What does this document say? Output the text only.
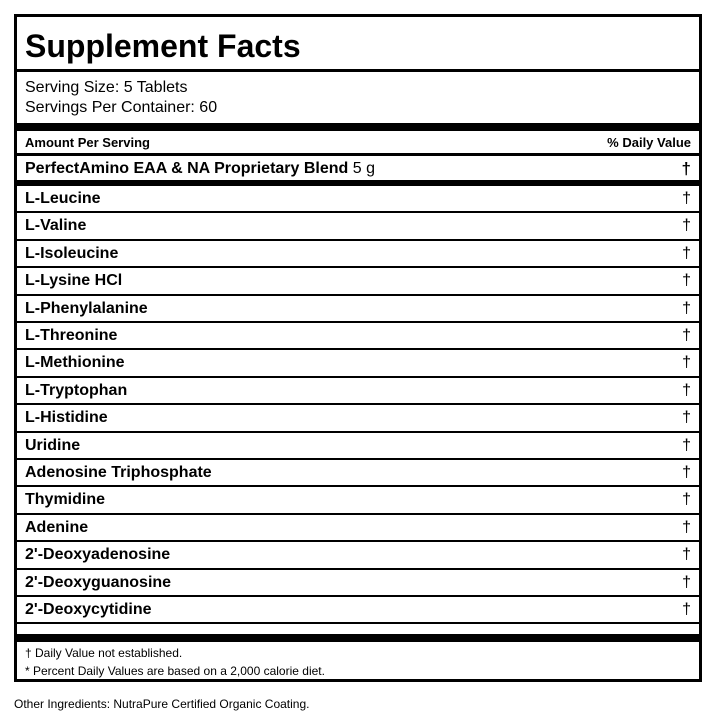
Supplement Facts
Serving Size: 5 Tablets
Servings Per Container: 60
Amount Per Serving	% Daily Value
PerfectAmino EAA & NA Proprietary Blend 5 g	†
L-Leucine	†
L-Valine	†
L-Isoleucine	†
L-Lysine HCl	†
L-Phenylalanine	†
L-Threonine	†
L-Methionine	†
L-Tryptophan	†
L-Histidine	†
Uridine	†
Adenosine Triphosphate	†
Thymidine	†
Adenine	†
2'-Deoxyadenosine	†
2'-Deoxyguanosine	†
2'-Deoxycytidine	†
† Daily Value not established.
* Percent Daily Values are based on a 2,000 calorie diet.
Other Ingredients: NutraPure Certified Organic Coating.
